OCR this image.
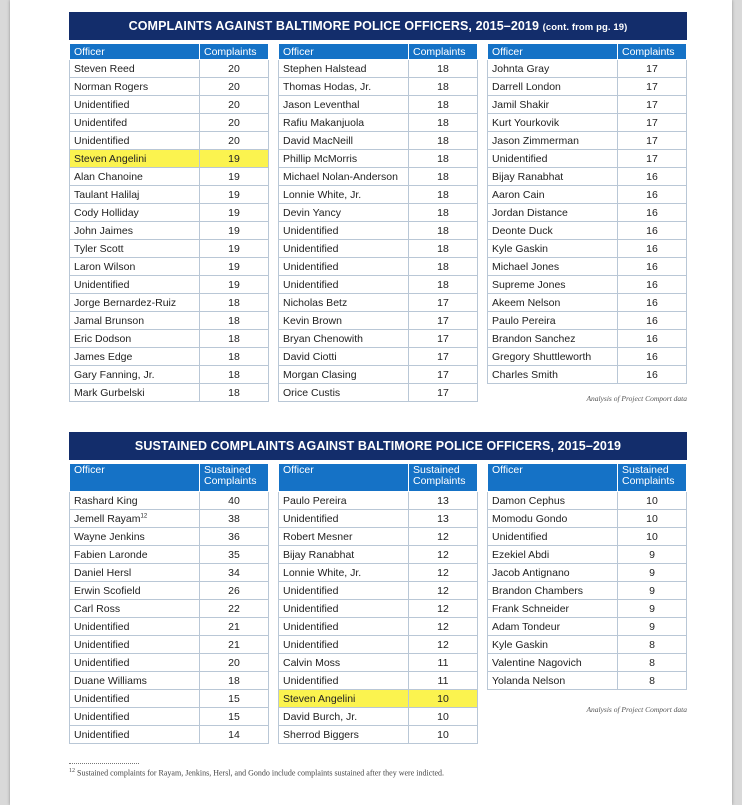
COMPLAINTS AGAINST BALTIMORE POLICE OFFICERS, 2015–2019 (cont. from pg. 19)
Officer	Complaints
Steven Reed	20
Norman Rogers	20
Unidentified	20
Unidentifed	20
Unidentified	20
Steven Angelini	19
Alan Chanoine	19
Taulant Halilaj	19
Cody Holliday	19
John Jaimes	19
Tyler Scott	19
Laron Wilson	19
Unidentified	19
Jorge Bernardez-Ruiz	18
Jamal Brunson	18
Eric Dodson	18
James Edge	18
Gary Fanning, Jr.	18
Mark Gurbelski	18
Officer	Complaints
Stephen Halstead	18
Thomas Hodas, Jr.	18
Jason Leventhal	18
Rafiu Makanjuola	18
David MacNeill	18
Phillip McMorris	18
Michael Nolan-Anderson	18
Lonnie White, Jr.	18
Devin Yancy	18
Unidentified	18
Unidentified	18
Unidentified	18
Unidentified	18
Nicholas Betz	17
Kevin Brown	17
Bryan Chenowith	17
David Ciotti	17
Morgan Clasing	17
Orice Custis	17
Officer	Complaints
Johnta Gray	17
Darrell London	17
Jamil Shakir	17
Kurt Yourkovik	17
Jason Zimmerman	17
Unidentified	17
Bijay Ranabhat	16
Aaron Cain	16
Jordan Distance	16
Deonte Duck	16
Kyle Gaskin	16
Michael Jones	16
Supreme Jones	16
Akeem Nelson	16
Paulo Pereira	16
Brandon Sanchez	16
Gregory Shuttleworth	16
Charles Smith	16
Analysis of Project Comport data
SUSTAINED COMPLAINTS AGAINST BALTIMORE POLICE OFFICERS, 2015–2019
Officer	Sustained
Complaints

Rashard King	40
Jemell Rayam$^{12}$	38
Wayne Jenkins	36
Fabien Laronde	35
Daniel Hersl	34
Erwin Scofield	26
Carl Ross	22
Unidentified	21
Unidentified	21
Unidentified	20
Duane Williams	18
Unidentified	15
Unidentified	15
Unidentified	14
Officer	Sustained
Complaints

Paulo Pereira	13
Unidentified	13
Robert Mesner	12
Bijay Ranabhat	12
Lonnie White, Jr.	12
Unidentified	12
Unidentified	12
Unidentified	12
Unidentified	12
Calvin Moss	11
Unidentified	11
Steven Angelini	10
David Burch, Jr.	10
Sherrod Biggers	10
Officer	Sustained
Complaints

Damon Cephus	10
Momodu Gondo	10
Unidentified	10
Ezekiel Abdi	9
Jacob Antignano	9
Brandon Chambers	9
Frank Schneider	9
Adam Tondeur	9
Kyle Gaskin	8
Valentine Nagovich	8
Yolanda Nelson	8
Analysis of Project Comport data
$^{12}$ Sustained complaints for Rayam, Jenkins, Hersl, and Gondo include complaints sustained after they were indicted.
